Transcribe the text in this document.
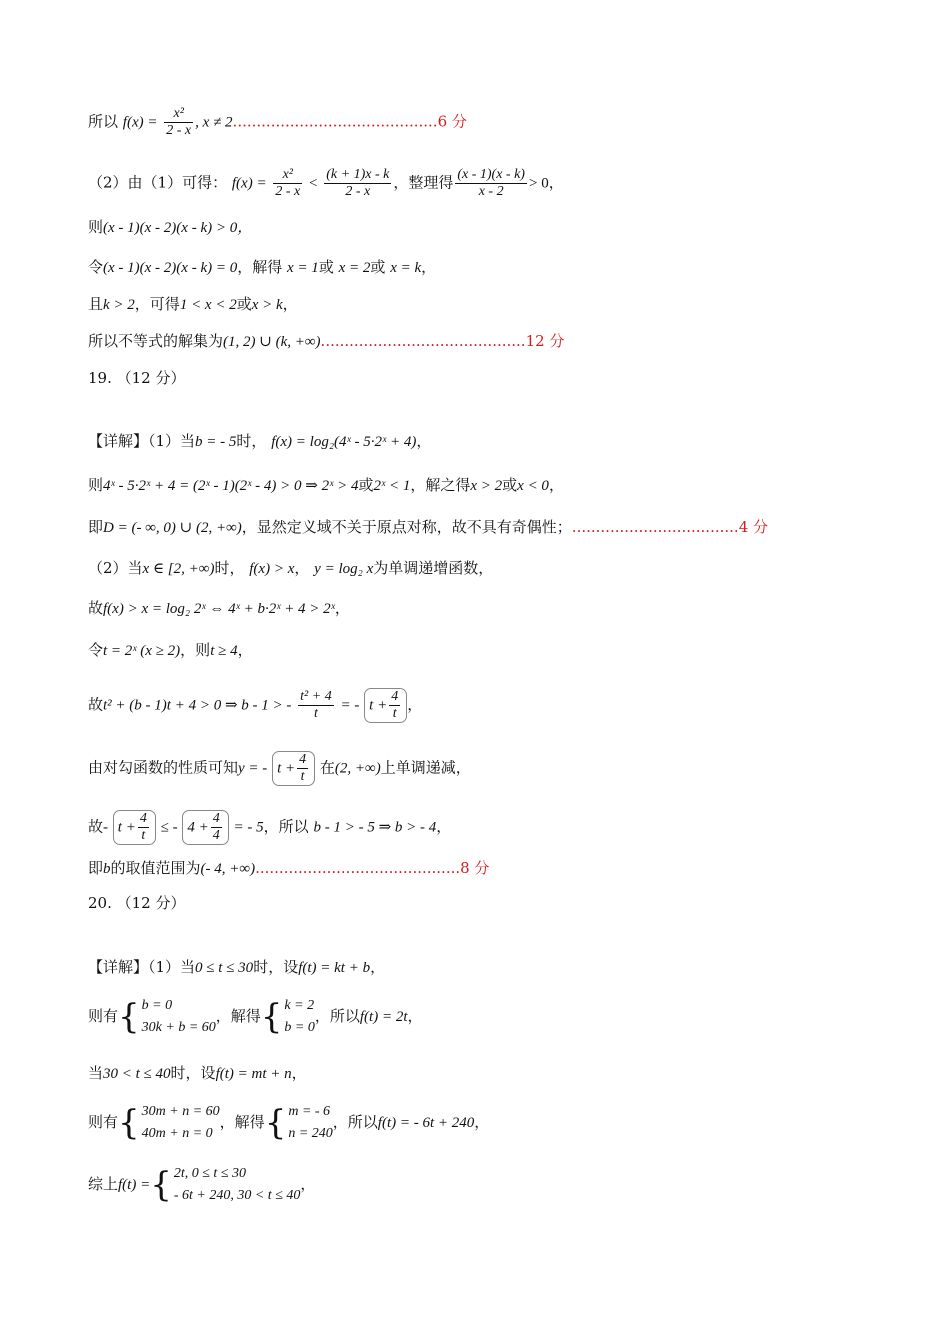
所以 $f(x) = \frac{\text{x²}}{2 - x}$ , x ≠ 2...........................................6 分
（2）由（1）可得： $f(x) = \frac{\text{x²}}{2 - x} < \frac{(k + 1)x - k}{2 - x}$ ，整理得 $\frac{(x - 1)(x - k)}{x - 2} > 0$，
则(x - 1)(x - 2)(x - k) > 0，
令(x - 1)(x - 2)(x - k) = 0，解得 x = 1或 x = 2或 x = k，
且k > 2，可得1 < x < 2或x > k，
所以不等式的解集为(1, 2) ∪ (k, +∞)...........................................12 分
19. （12 分）
【详解】（1）当b = - 5时， f(x) = log₂(4ˣ - 5·2ˣ + 4)，
则4ˣ - 5·2ˣ + 4 = (2ˣ - 1)(2ˣ - 4) > 0 ⇒ 2ˣ > 4或2ˣ < 1，解之得x > 2或x < 0，
即D = (- ∞, 0) ∪ (2, +∞)，显然定义域不关于原点对称，故不具有奇偶性；...................................4 分
（2）当x ∈ [2, +∞)时， f(x) > x， y = log₂ x为单调递增函数，
故f(x) > x = log₂ 2ˣ ⇔ 4ˣ + b·2ˣ + 4 > 2ˣ，
令t = 2ˣ (x ≥ 2)，则t ≥ 4，
故t² + (b - 1)t + 4 > 0 ⇒ b - 1 > - $\frac{\text{t² + 4}}{t}$ = - $t + \frac{4}{t}$ ，
由对勾函数的性质可知y = - $t + \frac{4}{t}$ 在(2, +∞)上单调递减，
故- $t + \frac{4}{t}$ ≤ - $4 + \frac{4}{4}$ = - 5，所以 b - 1 > - 5 ⇒ b > - 4，
即b的取值范围为(- 4, +∞)...........................................8 分
20. （12 分）
【详解】（1）当0 ≤ t ≤ 30时，设f(t) = kt + b，
则有{ b = 0
30k + b = 60
，解得{ k = 2
b = 0
，所以f(t) = 2t，
当30 < t ≤ 40时，设f(t) = mt + n，
则有{ 30m + n = 60
40m + n = 0
，解得{ m = - 6
n = 240
，所以f(t) = - 6t + 240，
综上f(t) ={ 2t, 0 ≤ t ≤ 30
- 6t + 240, 30 < t ≤ 40
，
